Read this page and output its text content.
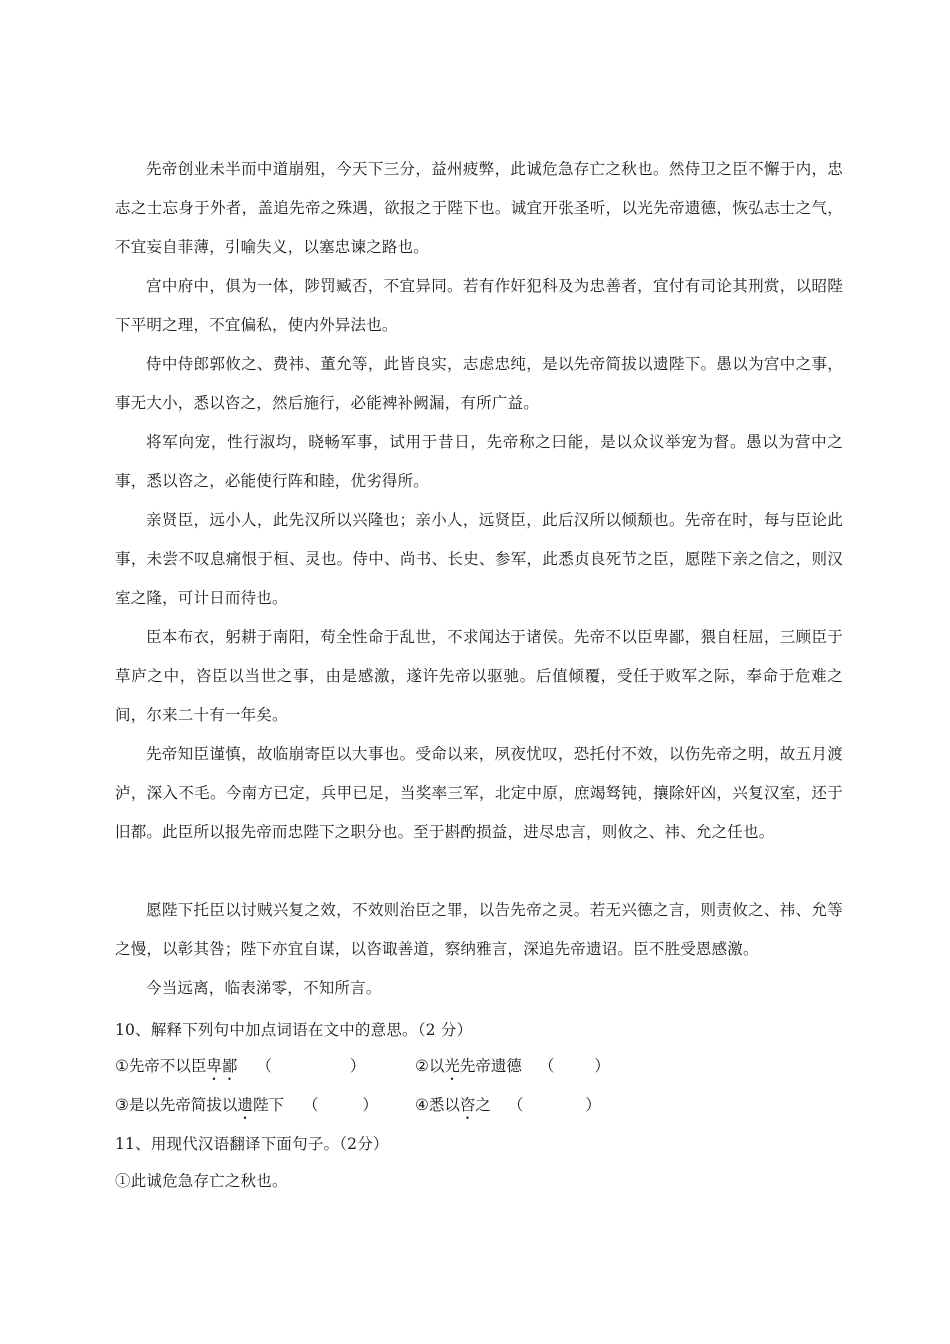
先帝创业未半而中道崩殂，今天下三分，益州疲弊，此诚危急存亡之秋也。然侍卫之臣不懈于内，忠志之士忘身于外者，盖追先帝之殊遇，欲报之于陛下也。诚宜开张圣听，以光先帝遗德，恢弘志士之气，不宜妄自菲薄，引喻失义，以塞忠谏之路也。

宫中府中，俱为一体，陟罚臧否，不宜异同。若有作奸犯科及为忠善者，宜付有司论其刑赏，以昭陛下平明之理，不宜偏私，使内外异法也。

侍中侍郎郭攸之、费祎、董允等，此皆良实，志虑忠纯，是以先帝简拔以遗陛下。愚以为宫中之事，事无大小，悉以咨之，然后施行，必能裨补阙漏，有所广益。

将军向宠，性行淑均，晓畅军事，试用于昔日，先帝称之曰能，是以众议举宠为督。愚以为营中之事，悉以咨之，必能使行阵和睦，优劣得所。

亲贤臣，远小人，此先汉所以兴隆也；亲小人，远贤臣，此后汉所以倾颓也。先帝在时，每与臣论此事，未尝不叹息痛恨于桓、灵也。侍中、尚书、长史、参军，此悉贞良死节之臣，愿陛下亲之信之，则汉室之隆，可计日而待也。

臣本布衣，躬耕于南阳，苟全性命于乱世，不求闻达于诸侯。先帝不以臣卑鄙，猥自枉屈，三顾臣于草庐之中，咨臣以当世之事，由是感激，遂许先帝以驱驰。后值倾覆，受任于败军之际，奉命于危难之间，尔来二十有一年矣。

先帝知臣谨慎，故临崩寄臣以大事也。受命以来，夙夜忧叹，恐托付不效，以伤先帝之明，故五月渡泸，深入不毛。今南方已定，兵甲已足，当奖率三军，北定中原，庶竭驽钝，攘除奸凶，兴复汉室，还于旧都。此臣所以报先帝而忠陛下之职分也。至于斟酌损益，进尽忠言，则攸之、祎、允之任也。

愿陛下托臣以讨贼兴复之效，不效则治臣之罪，以告先帝之灵。若无兴德之言，则责攸之、祎、允等之慢，以彰其咎；陛下亦宜自谋，以咨诹善道，察纳雅言，深追先帝遗诏。臣不胜受恩感激。

今当远离，临表涕零，不知所言。

10、解释下列句中加点词语在文中的意思。（2 分）

①先帝不以臣卑鄙 （	）	②以光先帝遗德 （	）
③是以先帝简拔以遗陛下 （	） ④悉以咨之 （	）

11、用现代汉语翻译下面句子。（2分）

①此诚危急存亡之秋也。
